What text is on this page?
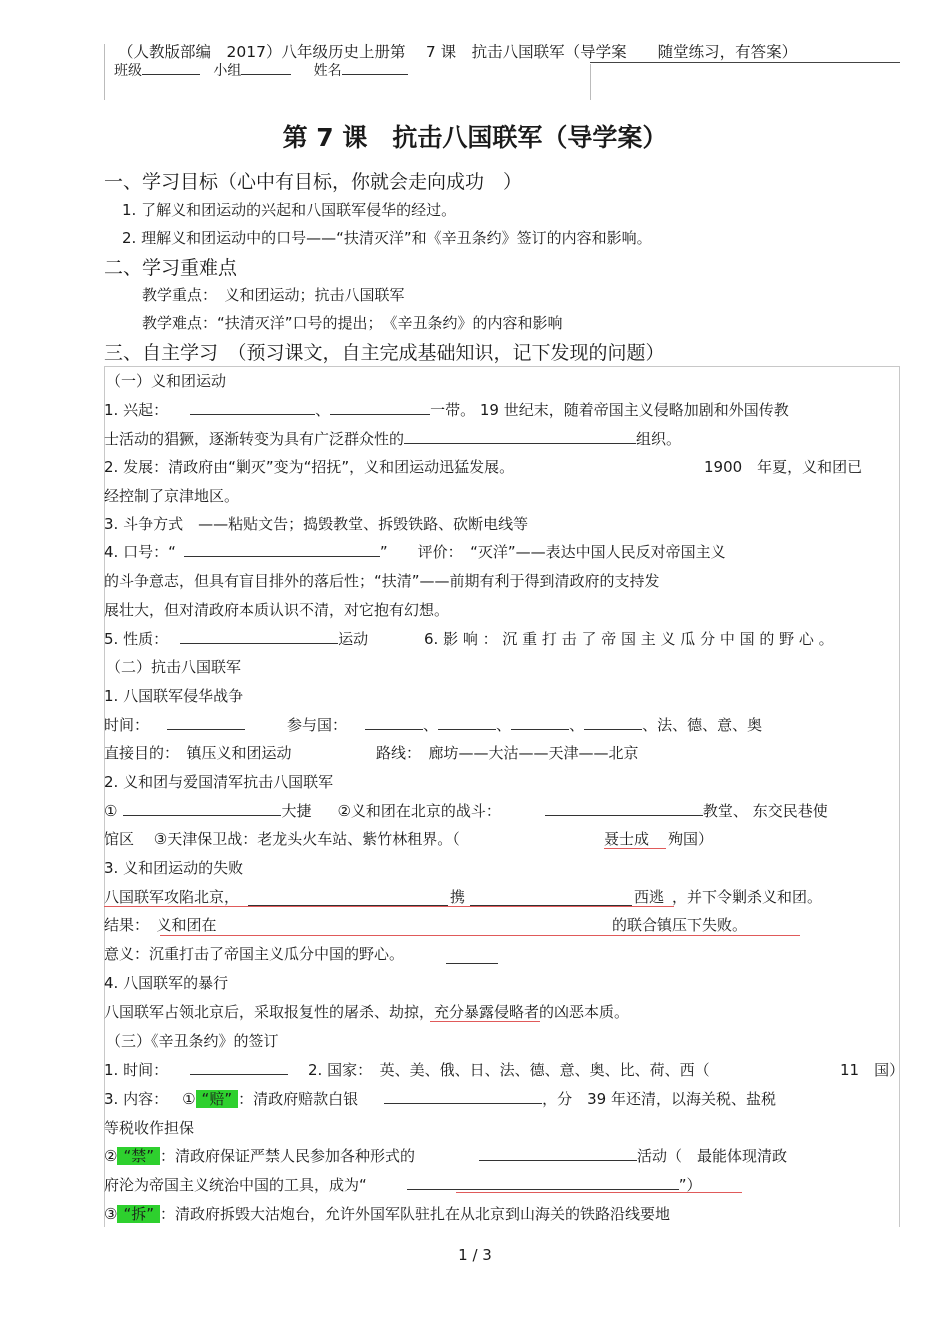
（人教版部编　2017）八年级历史上册第　 7 课　抗击八国联军（导学案　　随堂练习，有答案）
班级	小组	姓名
第 7 课　抗击八国联军（导学案）
一、学习目标（心中有目标，你就会走向成功　）
1. 了解义和团运动的兴起和八国联军侵华的经过。
2. 理解义和团运动中的口号——“扶清灭洋”和《辛丑条约》签订的内容和影响。
二、学习重难点
教学重点：　义和团运动；抗击八国联军
教学难点：“扶清灭洋”口号的提出；　《辛丑条约》的内容和影响
三、自主学习　（预习课文，自主完成基础知识，记下发现的问题）
（一）义和团运动
1. 兴起：	、	一带。 19 世纪末，随着帝国主义侵略加剧和外国传教
士活动的猖獗，逐渐转变为具有广泛群众性的	组织。
2. 发展：清政府由“剿灭”变为“招抚”，义和团运动迅猛发展。	1900　年夏，义和团已
经控制了京津地区。
3. 斗争方式　——粘贴文告；捣毁教堂、拆毁铁路、砍断电线等
4. 口号：“	” 评价：　“灭洋”——表达中国人民反对帝国主义
的斗争意志，但具有盲目排外的落后性；“扶清”——前期有利于得到清政府的支持发
展壮大，但对清政府本质认识不清，对它抱有幻想。
5. 性质：	运动	6. 影 响 ： 沉 重 打 击 了 帝 国 主 义 瓜 分 中 国 的 野 心 。
（二）抗击八国联军
1. 八国联军侵华战争
时间：	参与国：	、	、	、	、法、德、意、奥
直接目的：　镇压义和团运动	路线：　廊坊——大沽——天津——北京
2. 义和团与爱国清军抗击八国联军
①	大捷 ②义和团在北京的战斗：	教堂、 东交民巷使
馆区　 ③天津保卫战：老龙头火车站、紫竹林租界。（	聂士成 殉国）
3. 义和团运动的失败
八国联军攻陷北京，	携	西逃 ，并下令剿杀义和团。
结果：　义和团在	的联合镇压下失败。
意义：沉重打击了帝国主义瓜分中国的野心。
4. 八国联军的暴行
八国联军占领北京后，采取报复性的屠杀、劫掠，充分暴露侵略者的凶恶本质。
（三）《辛丑条约》的签订
1. 时间：	2. 国家：　英、美、俄、日、法、德、意、奥、比、荷、西（	11　国）
3. 内容： ① “赔” ：清政府赔款白银	，分　39 年还清，以海关税、盐税
等税收作担保
② “禁” ：清政府保证严禁人民参加各种形式的	活动（　最能体现清政
府沦为帝国主义统治中国的工具，成为“	”）
③ “拆” ：清政府拆毁大沽炮台，允许外国军队驻扎在从北京到山海关的铁路沿线要地
1 / 3
